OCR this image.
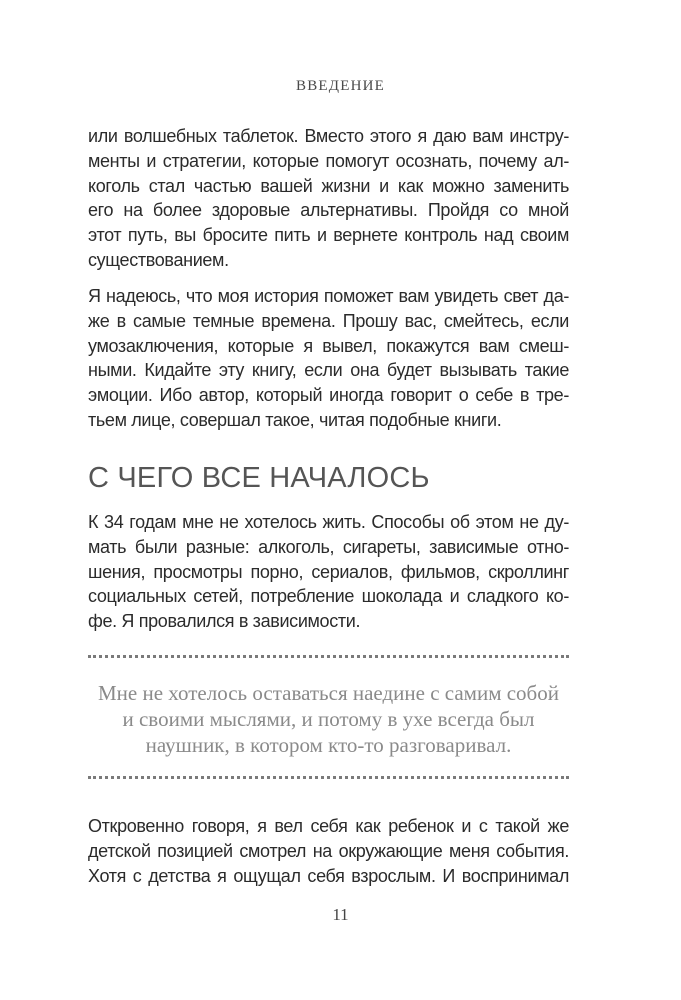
ВВЕДЕНИЕ
или волшебных таблеток. Вместо этого я даю вам инстру-
менты и стратегии, которые помогут осознать, почему ал-
коголь стал частью вашей жизни и как можно заменить
его на более здоровые альтернативы. Пройдя со мной
этот путь, вы бросите пить и вернете контроль над своим
существованием.
Я надеюсь, что моя история поможет вам увидеть свет да-
же в самые темные времена. Прошу вас, смейтесь, если
умозаключения, которые я вывел, покажутся вам смеш-
ными. Кидайте эту книгу, если она будет вызывать такие
эмоции. Ибо автор, который иногда говорит о себе в тре-
тьем лице, совершал такое, читая подобные книги.
С ЧЕГО ВСЕ НАЧАЛОСЬ
К 34 годам мне не хотелось жить. Способы об этом не ду-
мать были разные: алкоголь, сигареты, зависимые отно-
шения, просмотры порно, сериалов, фильмов, скроллинг
социальных сетей, потребление шоколада и сладкого ко-
фе. Я провалился в зависимости.
Мне не хотелось оставаться наедине с самим собой
и своими мыслями, и потому в ухе всегда был
наушник, в котором кто-то разговаривал.
Откровенно говоря, я вел себя как ребенок и с такой же
детской позицией смотрел на окружающие меня события.
Хотя с детства я ощущал себя взрослым. И воспринимал
11
